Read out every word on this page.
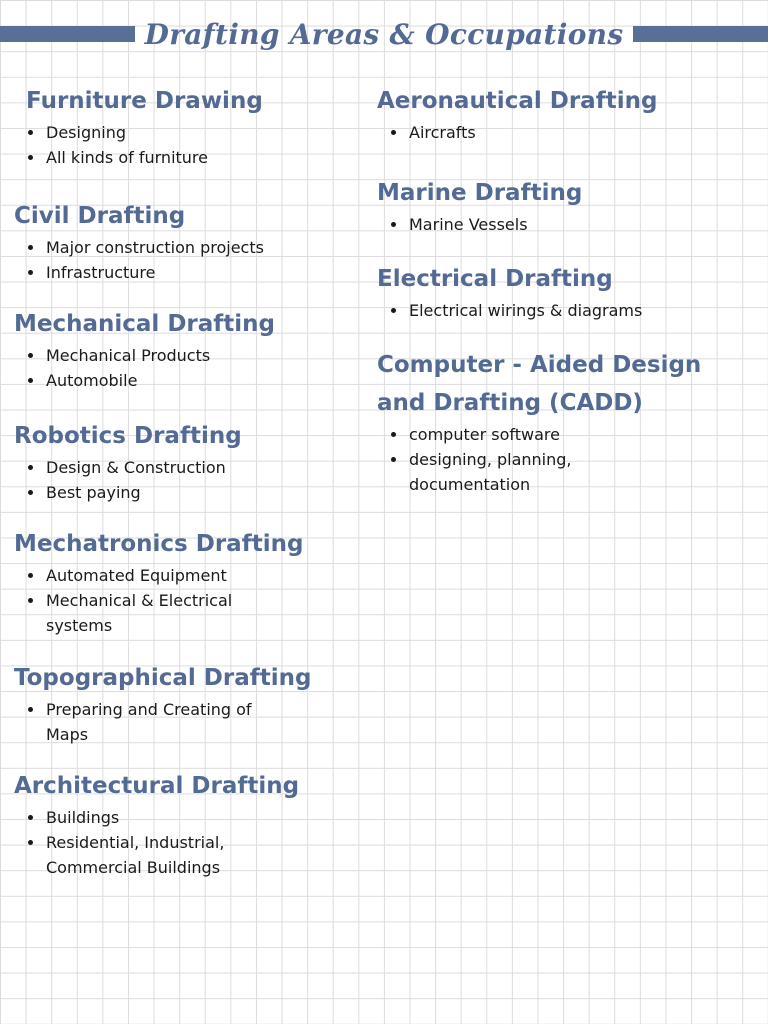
Drafting Areas & Occupations
Furniture Drawing
Designing
All kinds of furniture
Civil Drafting
Major construction projects
Infrastructure
Mechanical Drafting
Mechanical Products
Automobile
Robotics Drafting
Design & Construction
Best paying
Mechatronics Drafting
Automated Equipment
Mechanical & Electrical
systems
Topographical Drafting
Preparing and Creating of
Maps
Architectural Drafting
Buildings
Residential, Industrial,
Commercial Buildings
Aeronautical Drafting
Aircrafts
Marine Drafting
Marine Vessels
Electrical Drafting
Electrical wirings & diagrams
Computer - Aided Design
and Drafting (CADD)
computer software
designing, planning,
documentation
